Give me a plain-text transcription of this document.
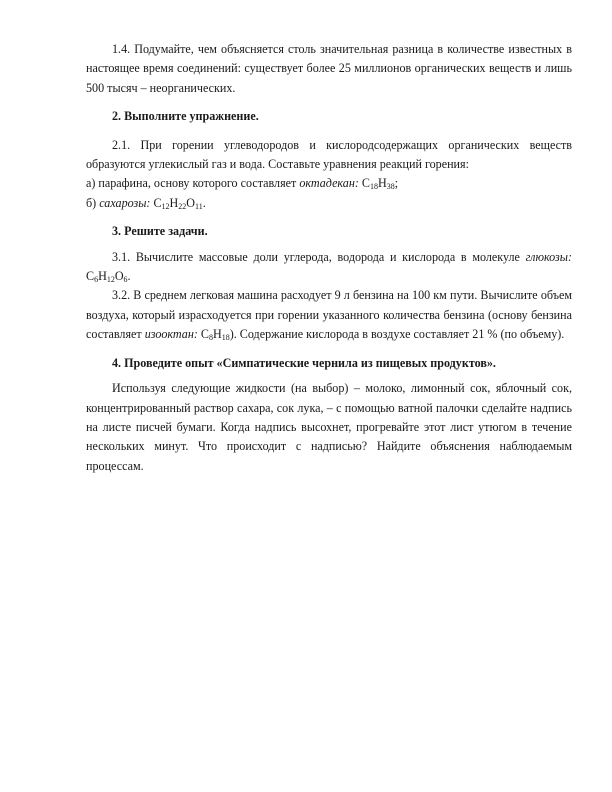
1.4. Подумайте, чем объясняется столь значительная разница в количестве известных в настоящее время соединений: существует более 25 миллионов органических веществ и лишь 500 тысяч – неорганических.

2. Выполните упражнение.

2.1. При горении углеводородов и кислородсодержащих органических веществ образуются углекислый газ и вода. Составьте уравнения реакций горения:

а) парафина, основу которого составляет октадекан: $C_{18}H_{38}$;

б) сахарозы: $C_{12}H_{22}O_{11}$.

3. Решите задачи.

3.1. Вычислите массовые доли углерода, водорода и кислорода в молекуле глюкозы: $C_6H_{12}O_6$.

3.2. В среднем легковая машина расходует 9 л бензина на 100 км пути. Вычислите объем воздуха, который израсходуется при горении указанного количества бензина (основу бензина составляет изооктан: $C_8H_{18}$). Содержание кислорода в воздухе составляет 21 % (по объему).

4. Проведите опыт «Симпатические чернила из пищевых продуктов».

Используя следующие жидкости (на выбор) – молоко, лимонный сок, яблочный сок, концентрированный раствор сахара, сок лука, – с помощью ватной палочки сделайте надпись на листе писчей бумаги. Когда надпись высохнет, прогревайте этот лист утюгом в течение нескольких минут. Что происходит с надписью? Найдите объяснения наблюдаемым процессам.
